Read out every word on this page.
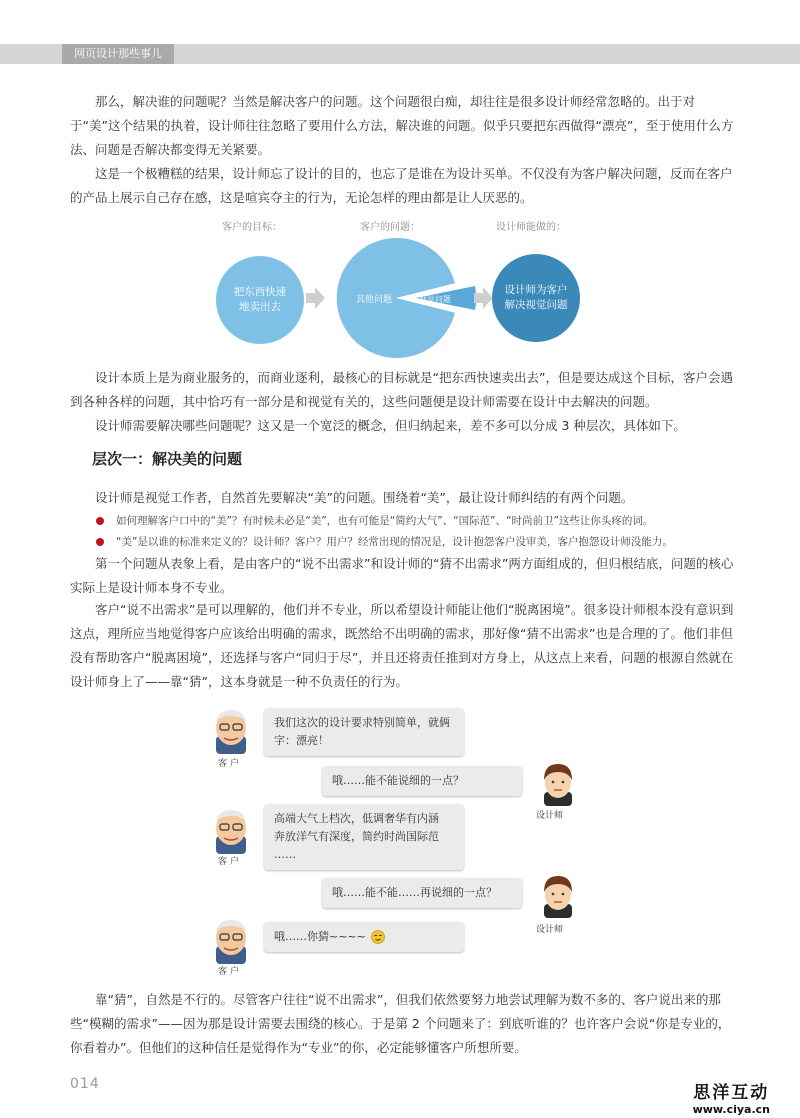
网页设计那些事儿

那么，解决谁的问题呢？当然是解决客户的问题。这个问题很白痴，却往往是很多设计师经常忽略的。出于对于“美”这个结果的执着，设计师往往忽略了要用什么方法，解决谁的问题。似乎只要把东西做得“漂亮”，至于使用什么方法、问题是否解决都变得无关紧要。

这是一个极糟糕的结果，设计师忘了设计的目的，也忘了是谁在为设计买单。不仅没有为客户解决问题，反而在客户的产品上展示自己存在感，这是喧宾夺主的行为，无论怎样的理由都是让人厌恶的。

客户的目标：	客户的问题：	设计师能做的：
把东西快速
地卖出去
其他问题	视觉问题
设计师为客户
解决视觉问题

设计本质上是为商业服务的，而商业逐利，最核心的目标就是“把东西快速卖出去”，但是要达成这个目标，客户会遇到各种各样的问题，其中恰巧有一部分是和视觉有关的，这些问题便是设计师需要在设计中去解决的问题。

设计师需要解决哪些问题呢？这又是一个宽泛的概念，但归纳起来，差不多可以分成 3 种层次，具体如下。

层次一：解决美的问题

设计师是视觉工作者，自然首先要解决“美”的问题。围绕着“美”，最让设计师纠结的有两个问题。

如何理解客户口中的“美”？有时候未必是“美”，也有可能是“简约大气”、“国际范”、“时尚前卫”这些让你头疼的词。
“美”是以谁的标准来定义的？设计师？客户？用户？经常出现的情况是，设计抱怨客户没审美，客户抱怨设计师没能力。

第一个问题从表象上看，是由客户的“说不出需求”和设计师的“猜不出需求”两方面组成的，但归根结底，问题的核心实际上是设计师本身不专业。

客户“说不出需求”是可以理解的，他们并不专业，所以希望设计师能让他们“脱离困境”。很多设计师根本没有意识到这点，理所应当地觉得客户应该给出明确的需求，既然给不出明确的需求，那好像“猜不出需求”也是合理的了。他们非但没有帮助客户“脱离困境”，还选择与客户“同归于尽”，并且还将责任推到对方身上，从这点上来看，问题的根源自然就在设计师身上了——靠“猜”，这本身就是一种不负责任的行为。

客 户
我们这次的设计要求特别简单，就俩
字：漂亮！
哦……能不能说细的一点？
设计师
客 户
高端大气上档次，低调奢华有内涵
奔放洋气有深度，简约时尚国际范
……
哦……能不能……再说细的一点？
设计师
客 户
哦……你猜~~~~

靠“猜”，自然是不行的。尽管客户往往“说不出需求”，但我们依然要努力地尝试理解为数不多的、客户说出来的那些“模糊的需求”——因为那是设计需要去围绕的核心。于是第 2 个问题来了：到底听谁的？也许客户会说“你是专业的，你看着办”。但他们的这种信任是觉得作为“专业”的你，必定能够懂客户所想所要。

014	思洋互动
www.ciya.cn
